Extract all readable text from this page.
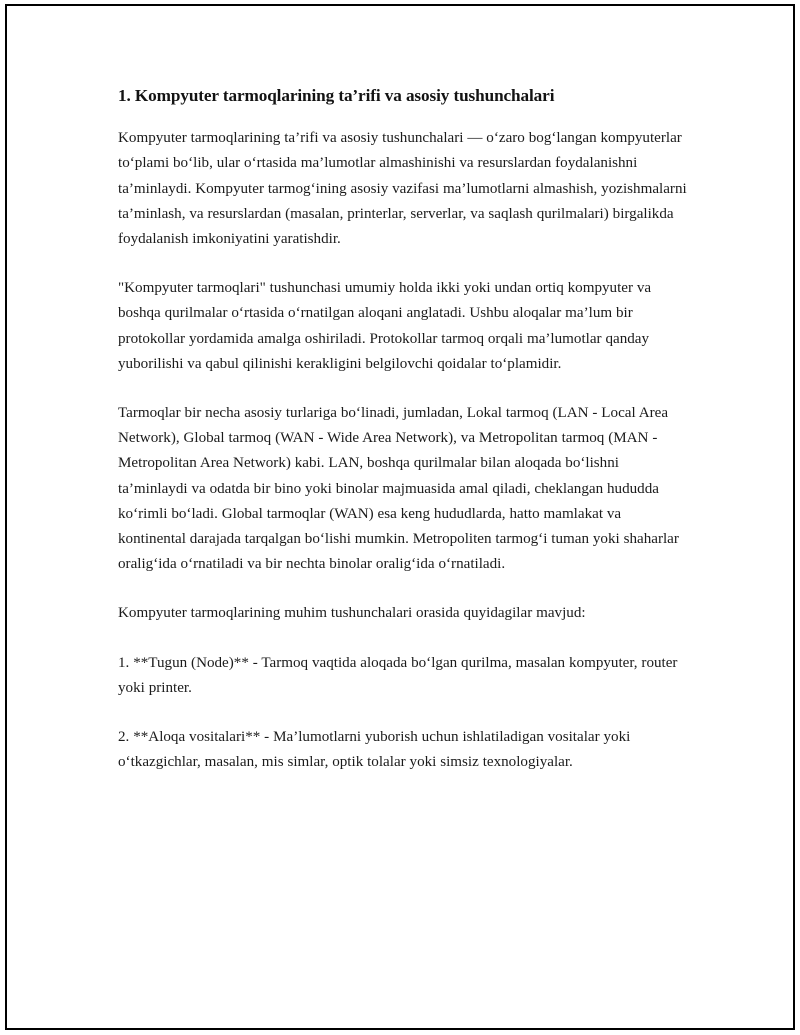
1. Kompyuter tarmoqlarining ta’rifi va asosiy tushunchalari

Kompyuter tarmoqlarining ta’rifi va asosiy tushunchalari — o‘zaro bog‘langan kompyuterlar to‘plami bo‘lib, ular o‘rtasida ma’lumotlar almashinishi va resurslardan foydalanishni ta’minlaydi. Kompyuter tarmog‘ining asosiy vazifasi ma’lumotlarni almashish, yozishmalarni ta’minlash, va resurslardan (masalan, printerlar, serverlar, va saqlash qurilmalari) birgalikda foydalanish imkoniyatini yaratishdir.

"Kompyuter tarmoqlari" tushunchasi umumiy holda ikki yoki undan ortiq kompyuter va boshqa qurilmalar o‘rtasida o‘rnatilgan aloqani anglatadi. Ushbu aloqalar ma’lum bir protokollar yordamida amalga oshiriladi. Protokollar tarmoq orqali ma’lumotlar qanday yuborilishi va qabul qilinishi kerakligini belgilovchi qoidalar to‘plamidir.

Tarmoqlar bir necha asosiy turlariga bo‘linadi, jumladan, Lokal tarmoq (LAN - Local Area Network), Global tarmoq (WAN - Wide Area Network), va Metropolitan tarmoq (MAN - Metropolitan Area Network) kabi. LAN, boshqa qurilmalar bilan aloqada bo‘lishni ta’minlaydi va odatda bir bino yoki binolar majmuasida amal qiladi, cheklangan hududda ko‘rimli bo‘ladi. Global tarmoqlar (WAN) esa keng hududlarda, hatto mamlakat va kontinental darajada tarqalgan bo‘lishi mumkin. Metropoliten tarmog‘i tuman yoki shaharlar oralig‘ida o‘rnatiladi va bir nechta binolar oralig‘ida o‘rnatiladi.

Kompyuter tarmoqlarining muhim tushunchalari orasida quyidagilar mavjud:

1. **Tugun (Node)** - Tarmoq vaqtida aloqada bo‘lgan qurilma, masalan kompyuter, router yoki printer.

2. **Aloqa vositalari** - Ma’lumotlarni yuborish uchun ishlatiladigan vositalar yoki o‘tkazgichlar, masalan, mis simlar, optik tolalar yoki simsiz texnologiyalar.
